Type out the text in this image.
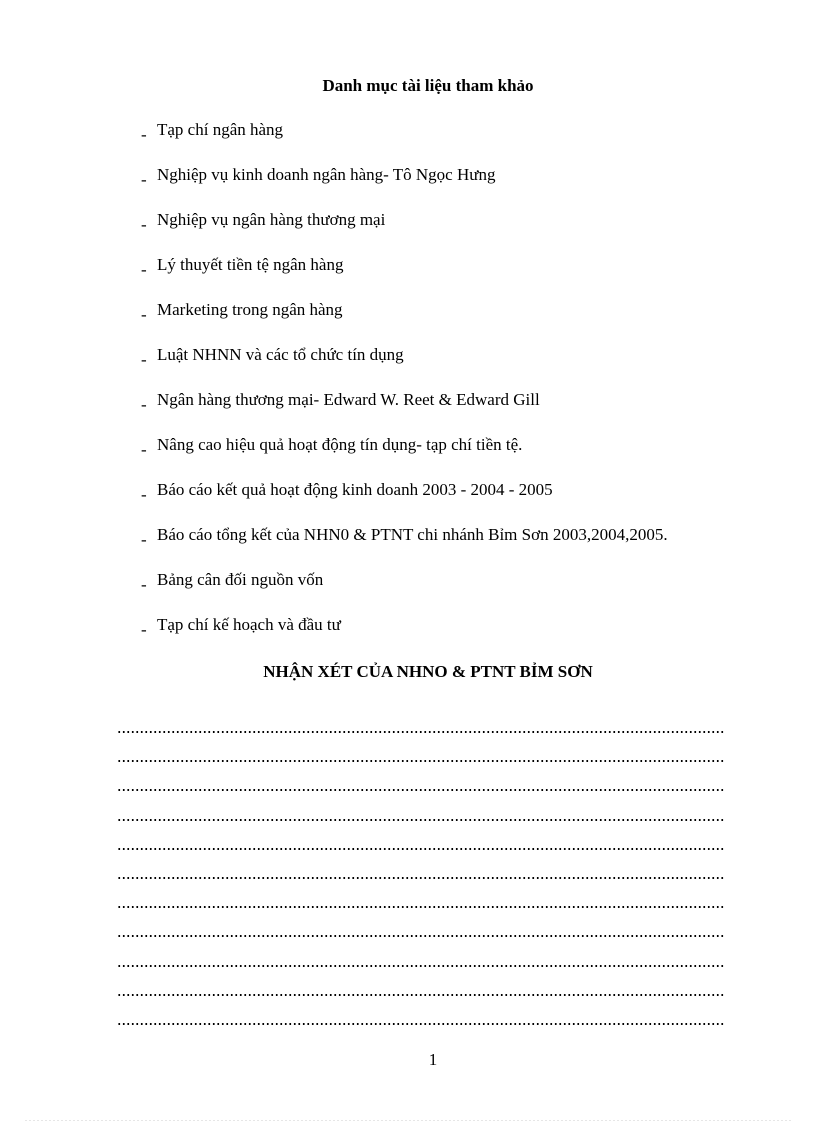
Danh mục tài liệu tham khảo
- Tạp chí ngân hàng
- Nghiệp vụ kinh doanh ngân hàng- Tô Ngọc Hưng
- Nghiệp vụ ngân hàng thương mại
- Lý thuyết tiền tệ ngân hàng
- Marketing trong ngân hàng
- Luật NHNN và các tổ chức tín dụng
- Ngân hàng thương mại- Edward W. Reet & Edward Gill
- Nâng cao hiệu quả hoạt động tín dụng- tạp chí tiền tệ.
- Báo cáo kết quả hoạt động kinh doanh 2003 - 2004 - 2005
- Báo cáo tổng kết của NHN0 & PTNT chi nhánh Bỉm Sơn 2003,2004,2005.
- Bảng cân đối nguồn vốn
- Tạp chí kế hoạch và đầu tư
NHẬN XÉT CỦA NHNO & PTNT BỈM SƠN
1
